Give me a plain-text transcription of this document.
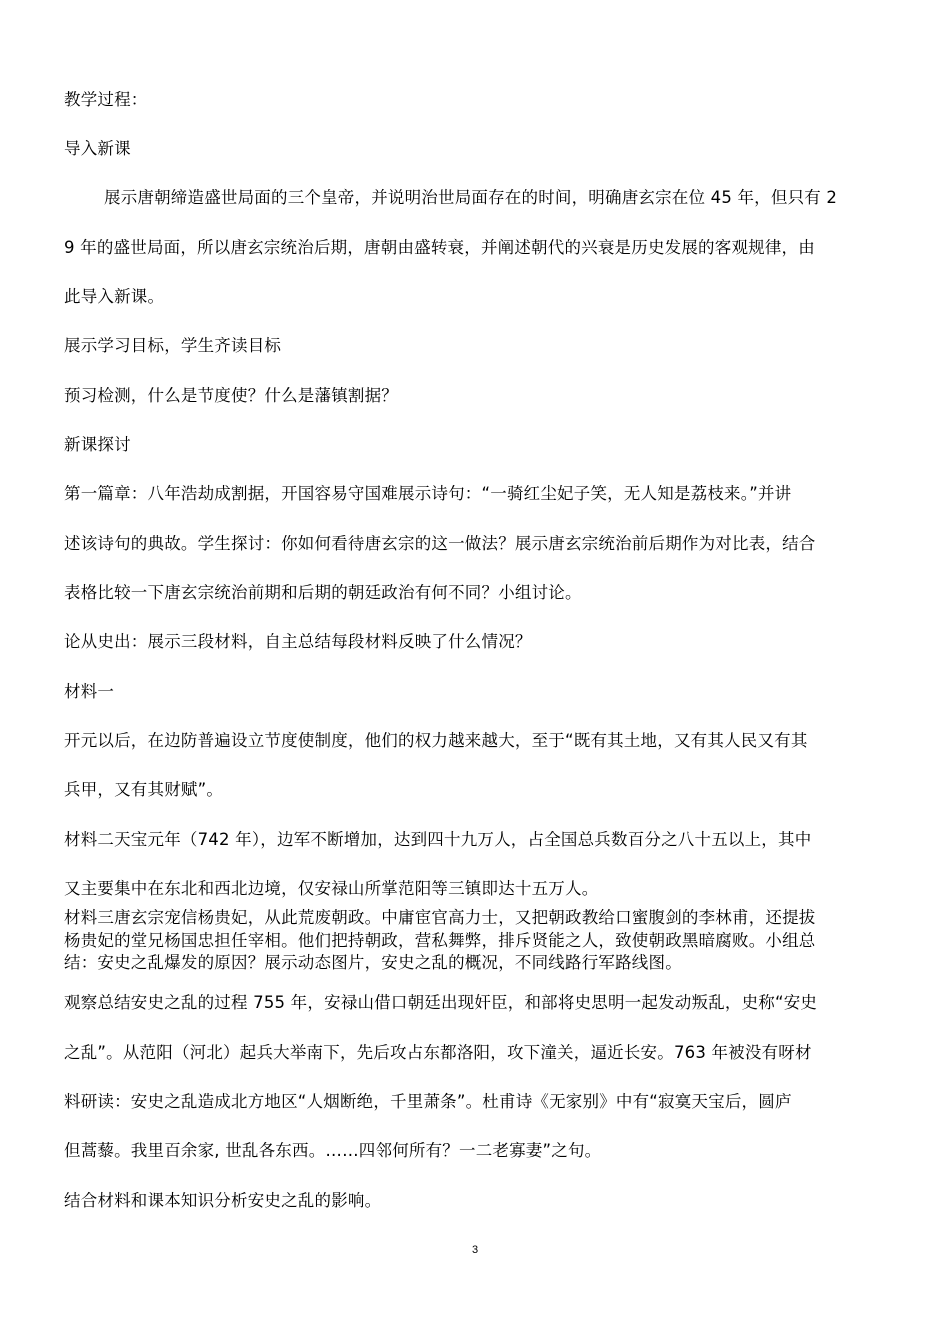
教学过程：
导入新课
展示唐朝缔造盛世局面的三个皇帝，并说明治世局面存在的时间，明确唐玄宗在位 45 年，但只有 2
9 年的盛世局面，所以唐玄宗统治后期，唐朝由盛转衰，并阐述朝代的兴衰是历史发展的客观规律，由
此导入新课。
展示学习目标，学生齐读目标
预习检测，什么是节度使？什么是藩镇割据？
新课探讨
第一篇章：八年浩劫成割据，开国容易守国难展示诗句：“一骑红尘妃子笑，无人知是荔枝来。”并讲
述该诗句的典故。学生探讨：你如何看待唐玄宗的这一做法？展示唐玄宗统治前后期作为对比表，结合
表格比较一下唐玄宗统治前期和后期的朝廷政治有何不同？小组讨论。
论从史出：展示三段材料，自主总结每段材料反映了什么情况？
材料一
开元以后，在边防普遍设立节度使制度，他们的权力越来越大，至于“既有其土地，又有其人民又有其
兵甲，又有其财赋”。
材料二天宝元年（742 年），边军不断增加，达到四十九万人，占全国总兵数百分之八十五以上，其中
又主要集中在东北和西北边境，仅安禄山所掌范阳等三镇即达十五万人。
材料三唐玄宗宠信杨贵妃，从此荒废朝政。中庸宦官高力士，又把朝政教给口蜜腹剑的李林甫，还提拔
杨贵妃的堂兄杨国忠担任宰相。他们把持朝政，营私舞弊，排斥贤能之人，致使朝政黑暗腐败。小组总
结：安史之乱爆发的原因？展示动态图片，安史之乱的概况，不同线路行军路线图。
观察总结安史之乱的过程 755 年，安禄山借口朝廷出现奸臣，和部将史思明一起发动叛乱，史称“安史
之乱”。从范阳（河北）起兵大举南下，先后攻占东都洛阳，攻下潼关，逼近长安。763 年被没有呀材
料研读：安史之乱造成北方地区“人烟断绝，千里萧条”。杜甫诗《无家别》中有“寂寞天宝后，圆庐
但蒿藜。我里百余家, 世乱各东西。……四邻何所有？一二老寡妻”之句。
结合材料和课本知识分析安史之乱的影响。
3
